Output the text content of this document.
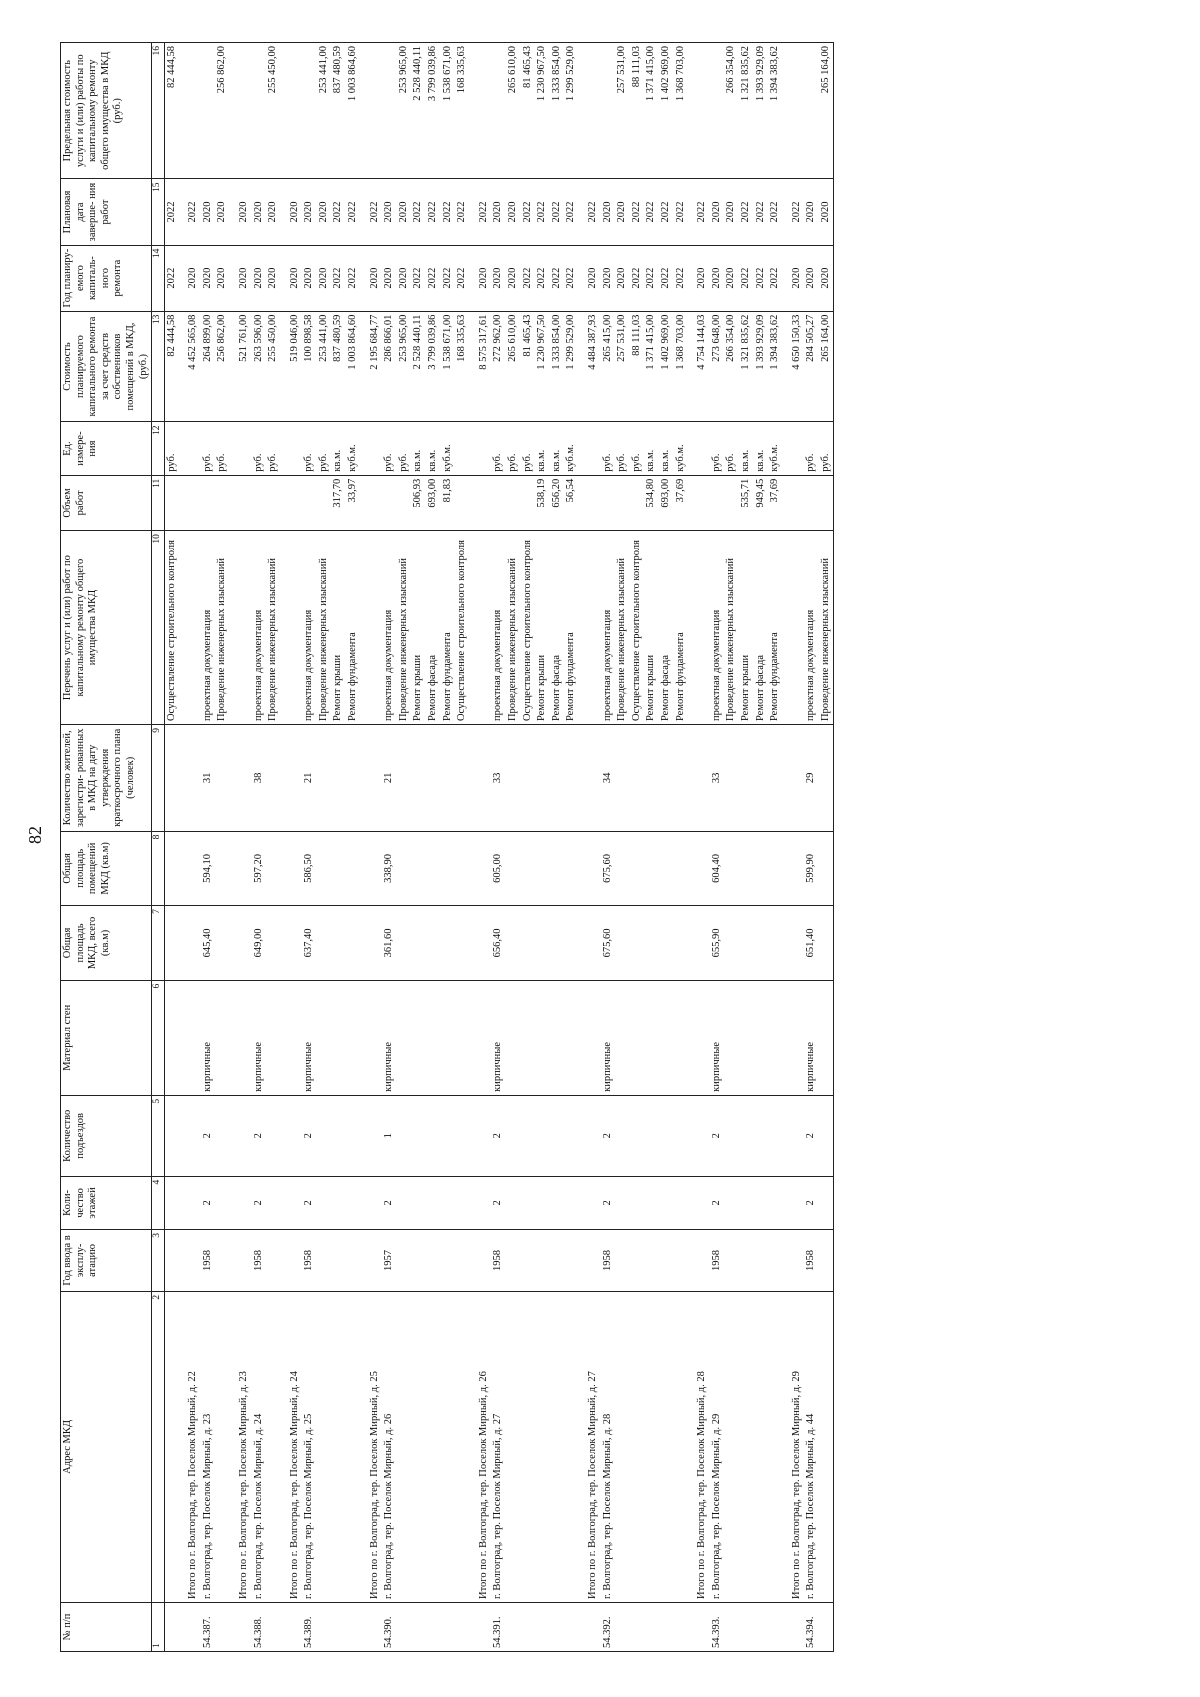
82
№ п/п	Адрес МКД	Год ввода в эксплу- атацию	Коли- чество этажей	Количество подъездов	Материал стен	Общая площадь МКД, всего (кв.м)	Общая площадь помещений МКД (кв.м)	Количество жителей, зарегистри- рованных в МКД на дату утверждения краткосрочного плана (человек)	Перечень услуг и (или) работ по капитальному ремонту общего имущества МКД	Объем работ	Ед. измере- ния	Стоимость планируемого капитального ремонта за счет средств собственников помещений в МКД, (руб.)	Год планиру- емого капиталь- ного ремонта	Плановая дата заверше- ния работ	Предельная стоимость услуги и (или) работы по капитальному ремонту общего имущества в МКД (руб.)
1	2	3	4	5	6	7	8	9	10	11	12	13	14	15	16
									Осуществление строительного контроля		руб.	82 444,58	2022	2022	82 444,58
	Итого по г. Волгоград, тер. Поселок Мирный, д. 22											4 452 565,08	2020	2022	
54.387.	г. Волгоград, тер. Поселок Мирный, д. 23	1958	2	2	кирпичные	645,40	594,10	31	проектная документация		руб.	264 899,00	2020	2020	
									Проведение инженерных изысканий		руб.	256 862,00	2020	2020	256 862,00
	Итого по г. Волгоград, тер. Поселок Мирный, д. 23											521 761,00	2020	2020	
54.388.	г. Волгоград, тер. Поселок Мирный, д. 24	1958	2	2	кирпичные	649,00	597,20	38	проектная документация		руб.	263 596,00	2020	2020	
									Проведение инженерных изысканий		руб.	255 450,00	2020	2020	255 450,00
	Итого по г. Волгоград, тер. Поселок Мирный, д. 24											519 046,00	2020	2020	
54.389.	г. Волгоград, тер. Поселок Мирный, д. 25	1958	2	2	кирпичные	637,40	586,50	21	проектная документация		руб.	100 898,58	2020	2020	
									Проведение инженерных изысканий		руб.	253 441,00	2020	2020	253 441,00
									Ремонт крыши	317,70	кв.м.	837 480,59	2022	2022	837 480,59
									Ремонт фундамента	33,97	куб.м.	1 003 864,60	2022	2022	1 003 864,60
	Итого по г. Волгоград, тер. Поселок Мирный, д. 25											2 195 684,77	2020	2022	
54.390.	г. Волгоград, тер. Поселок Мирный, д. 26	1957	2	1	кирпичные	361,60	338,90	21	проектная документация		руб.	286 866,01	2020	2020	
									Проведение инженерных изысканий		руб.	253 965,00	2020	2020	253 965,00
									Ремонт крыши	506,93	кв.м.	2 528 440,11	2022	2022	2 528 440,11
									Ремонт фасада	693,00	кв.м.	3 799 039,86	2022	2022	3 799 039,86
									Ремонт фундамента	81,83	куб.м.	1 538 671,00	2022	2022	1 538 671,00
									Осуществление строительного контроля			168 335,63	2022	2022	168 335,63
	Итого по г. Волгоград, тер. Поселок Мирный, д. 26											8 575 317,61	2020	2022	
54.391.	г. Волгоград, тер. Поселок Мирный, д. 27	1958	2	2	кирпичные	656,40	605,00	33	проектная документация		руб.	272 962,00	2020	2020	
									Проведение инженерных изысканий		руб.	265 610,00	2020	2020	265 610,00
									Осуществление строительного контроля		руб.	81 465,43	2022	2022	81 465,43
									Ремонт крыши	538,19	кв.м.	1 230 967,50	2022	2022	1 230 967,50
									Ремонт фасада	656,20	кв.м.	1 333 854,00	2022	2022	1 333 854,00
									Ремонт фундамента	56,54	куб.м.	1 299 529,00	2022	2022	1 299 529,00
	Итого по г. Волгоград, тер. Поселок Мирный, д. 27											4 484 387,93	2020	2022	
54.392.	г. Волгоград, тер. Поселок Мирный, д. 28	1958	2	2	кирпичные	675,60	675,60	34	проектная документация		руб.	265 415,00	2020	2020	
									Проведение инженерных изысканий		руб.	257 531,00	2020	2020	257 531,00
									Осуществление строительного контроля		руб.	88 111,03	2022	2022	88 111,03
									Ремонт крыши	534,80	кв.м.	1 371 415,00	2022	2022	1 371 415,00
									Ремонт фасада	693,00	кв.м.	1 402 969,00	2022	2022	1 402 969,00
									Ремонт фундамента	37,69	куб.м.	1 368 703,00	2022	2022	1 368 703,00
	Итого по г. Волгоград, тер. Поселок Мирный, д. 28											4 754 144,03	2020	2022	
54.393.	г. Волгоград, тер. Поселок Мирный, д. 29	1958	2	2	кирпичные	655,90	604,40	33	проектная документация		руб.	273 648,00	2020	2020	
									Проведение инженерных изысканий		руб.	266 354,00	2020	2020	266 354,00
									Ремонт крыши	535,71	кв.м.	1 321 835,62	2022	2022	1 321 835,62
									Ремонт фасада	949,45	кв.м.	1 393 929,09	2022	2022	1 393 929,09
									Ремонт фундамента	37,69	куб.м.	1 394 383,62	2022	2022	1 394 383,62
	Итого по г. Волгоград, тер. Поселок Мирный, д. 29											4 650 150,33	2020	2022	
54.394.	г. Волгоград, тер. Поселок Мирный, д. 44	1958	2	2	кирпичные	651,40	599,90	29	проектная документация		руб.	284 505,27	2020	2020	
									Проведение инженерных изысканий		руб.	265 164,00	2020	2020	265 164,00
